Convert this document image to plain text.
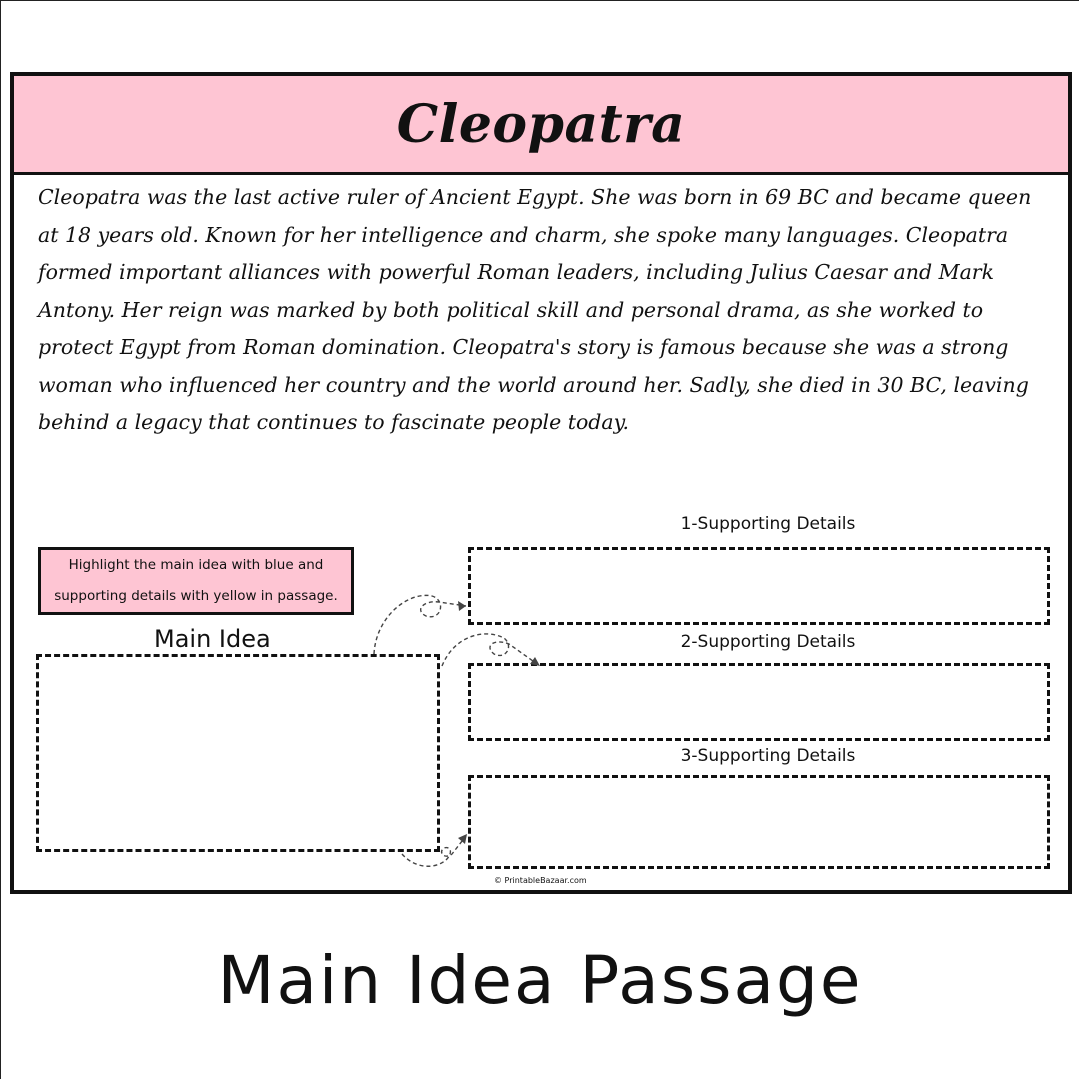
Cleopatra
Cleopatra was the last active ruler of Ancient Egypt. She was born in 69 BC and became queen at 18 years old. Known for her intelligence and charm, she spoke many languages. Cleopatra formed important alliances with powerful Roman leaders, including Julius Caesar and Mark Antony. Her reign was marked by both political skill and personal drama, as she worked to protect Egypt from Roman domination. Cleopatra's story is famous because she was a strong woman who influenced her country and the world around her. Sadly, she died in 30 BC, leaving behind a legacy that continues to fascinate people today.
Highlight the main idea with blue and supporting details with yellow in passage.
Main Idea
1-Supporting Details
2-Supporting Details
3-Supporting Details
© PrintableBazaar.com
Main Idea Passage
